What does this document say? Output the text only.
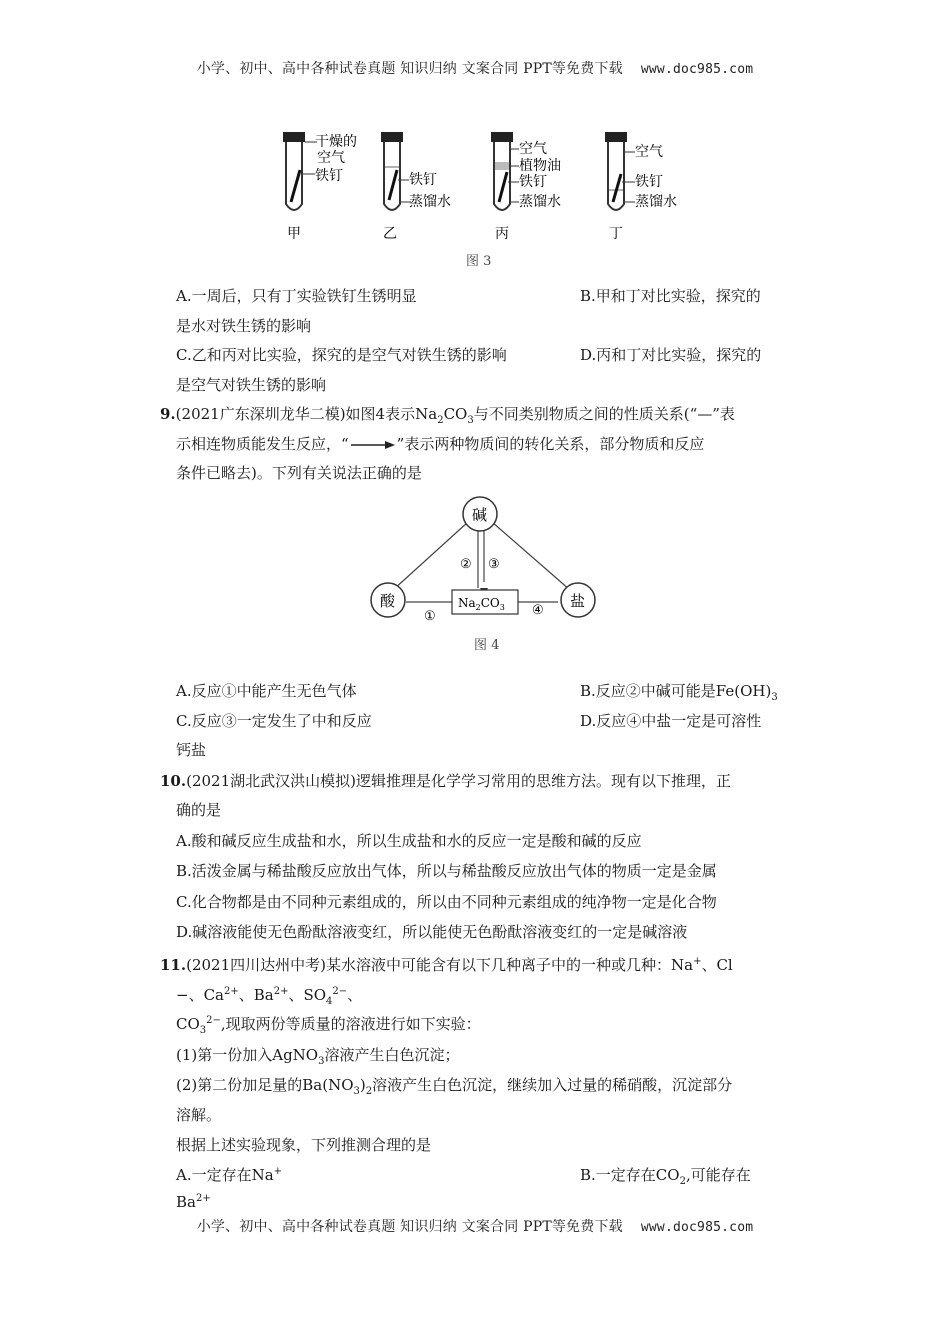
小学、初中、高中各种试卷真题 知识归纳 文案合同 PPT等免费下载 www.doc985.com
干燥的
空气
铁钉
甲
铁钉
蒸馏水
乙
空气
植物油
铁钉
蒸馏水
丙
空气
铁钉
蒸馏水
丁
图 3
A.一周后，只有丁实验铁钉生锈明显	B.甲和丁对比实验，探究的
是水对铁生锈的影响
C.乙和丙对比实验，探究的是空气对铁生锈的影响	D.丙和丁对比实验，探究的
是空气对铁生锈的影响
9.(2021广东深圳龙华二模)如图4表示$Na_2CO_3$与不同类别物质之间的性质关系(“—”表
示相连物质能发生反应，“	”表示两种物质间的转化关系，部分物质和反应
条件已略去)。下列有关说法正确的是
碱
酸	盐
$Na_2CO_3$
② ③
①	④
图 4
A.反应①中能产生无色气体	B.反应②中碱可能是$Fe(OH)_3$
C.反应③一定发生了中和反应	D.反应④中盐一定是可溶性
钙盐
10.(2021湖北武汉洪山模拟)逻辑推理是化学学习常用的思维方法。现有以下推理，正
确的是
A.酸和碱反应生成盐和水，所以生成盐和水的反应一定是酸和碱的反应
B.活泼金属与稀盐酸反应放出气体，所以与稀盐酸反应放出气体的物质一定是金属
C.化合物都是由不同种元素组成的，所以由不同种元素组成的纯净物一定是化合物
D.碱溶液能使无色酚酞溶液变红，所以能使无色酚酞溶液变红的一定是碱溶液
11.(2021四川达州中考)某水溶液中可能含有以下几种离子中的一种或几种：Na+、Cl
−、$Ca^{2+}$、$Ba^{2+}$、$SO_4^{2-}$、
$CO_3^{2-}$,现取两份等质量的溶液进行如下实验：
(1)第一份加入AgNO$_3$溶液产生白色沉淀；
(2)第二份加足量的$Ba(NO_3)_2$溶液产生白色沉淀，继续加入过量的稀硝酸，沉淀部分
溶解。
根据上述实验现象，下列推测合理的是
A.一定存在Na+	B.一定存在$CO_2$,可能存在
$Ba^{2+}$
小学、初中、高中各种试卷真题 知识归纳 文案合同 PPT等免费下载 www.doc985.com
